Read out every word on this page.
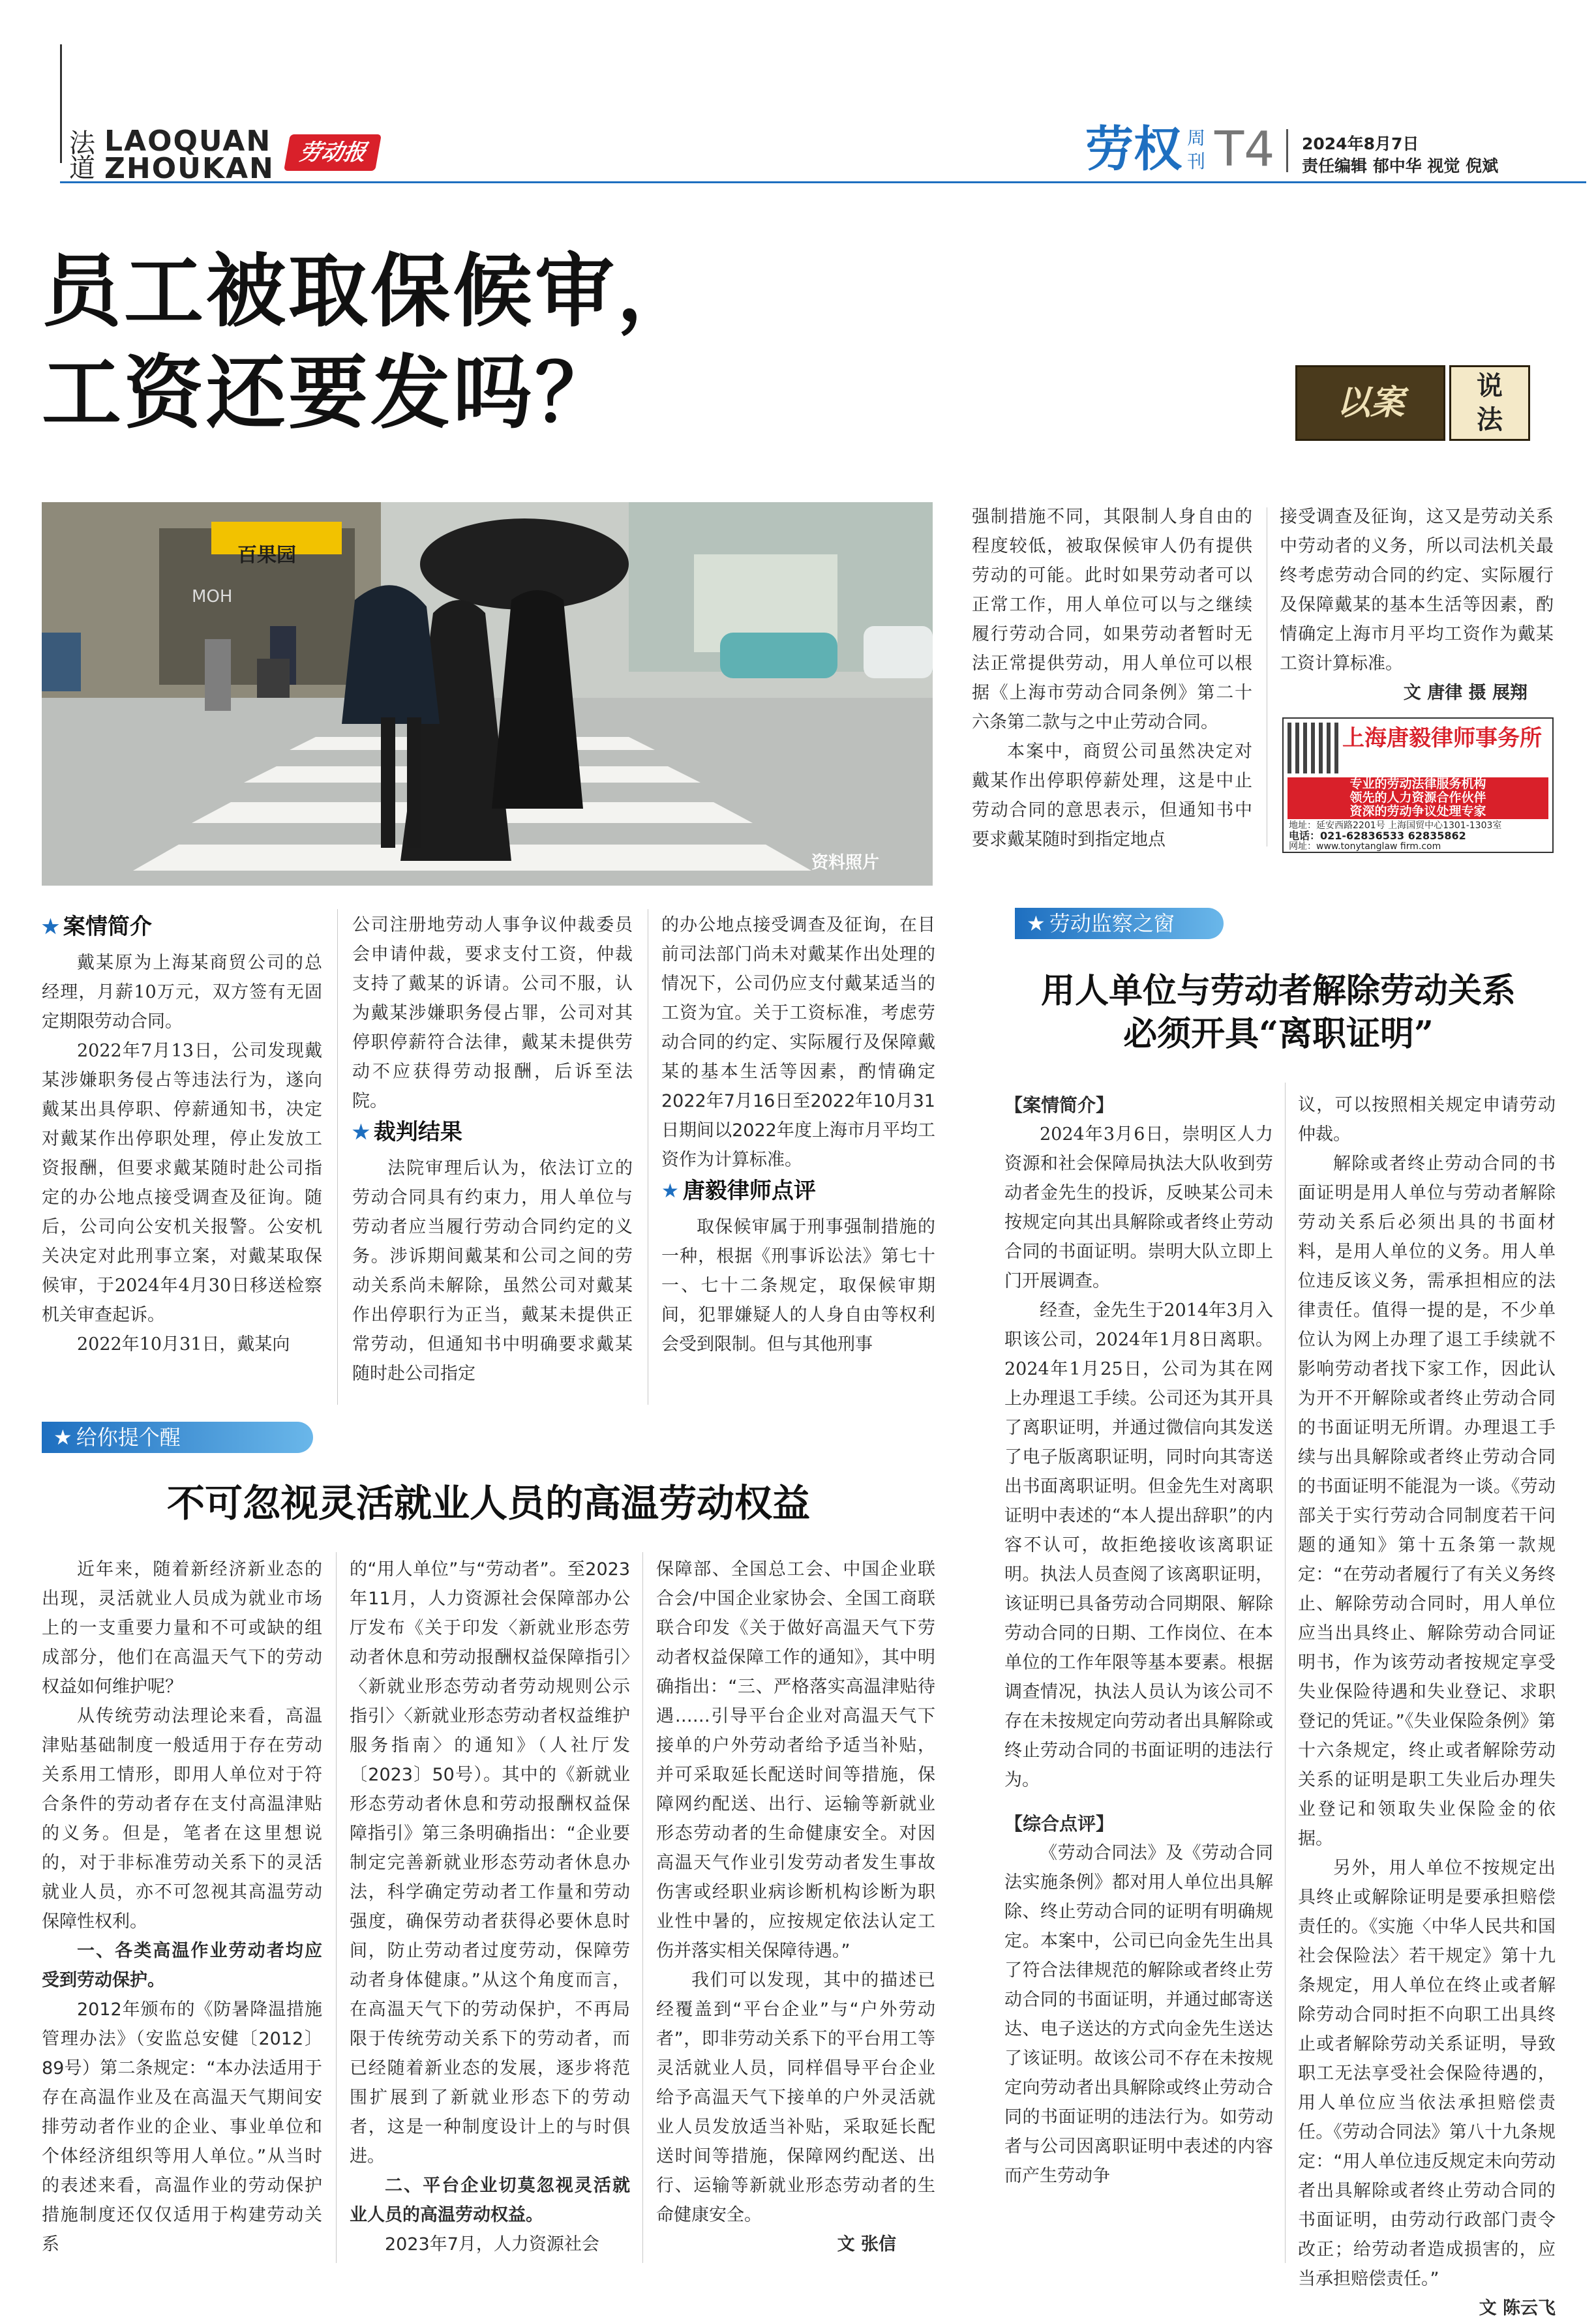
法
道
LAOQUAN
ZHOUKAN	劳动报	劳权 周
刊 T4 2024年8月7日
责任编辑 郁中华 视觉 倪斌
员工被取保候审，
工资还要发吗？	以案	说
法
百果园
MOH
资料照片
★ 案情简介

戴某原为上海某商贸公司的总经理，月薪10万元，双方签有无固定期限劳动合同。

2022年7月13日，公司发现戴某涉嫌职务侵占等违法行为，遂向戴某出具停职、停薪通知书，决定对戴某作出停职处理，停止发放工资报酬，但要求戴某随时赴公司指定的办公地点接受调查及征询。随后，公司向公安机关报警。公安机关决定对此刑事立案，对戴某取保候审，于2024年4月30日移送检察机关审查起诉。

2022年10月31日，戴某向

公司注册地劳动人事争议仲裁委员会申请仲裁，要求支付工资，仲裁支持了戴某的诉请。公司不服，认为戴某涉嫌职务侵占罪，公司对其停职停薪符合法律，戴某未提供劳动不应获得劳动报酬，后诉至法院。

★ 裁判结果

法院审理后认为，依法订立的劳动合同具有约束力，用人单位与劳动者应当履行劳动合同约定的义务。涉诉期间戴某和公司之间的劳动关系尚未解除，虽然公司对戴某作出停职行为正当，戴某未提供正常劳动，但通知书中明确要求戴某随时赴公司指定

的办公地点接受调查及征询，在目前司法部门尚未对戴某作出处理的情况下，公司仍应支付戴某适当的工资为宜。关于工资标准，考虑劳动合同的约定、实际履行及保障戴某的基本生活等因素，酌情确定2022年7月16日至2022年10月31日期间以2022年度上海市月平均工资作为计算标准。

★ 唐毅律师点评

取保候审属于刑事强制措施的一种，根据《刑事诉讼法》第七十一、七十二条规定，取保候审期间，犯罪嫌疑人的人身自由等权利会受到限制。但与其他刑事

强制措施不同，其限制人身自由的程度较低，被取保候审人仍有提供劳动的可能。此时如果劳动者可以正常工作，用人单位可以与之继续履行劳动合同，如果劳动者暂时无法正常提供劳动，用人单位可以根据《上海市劳动合同条例》第二十六条第二款与之中止劳动合同。

本案中，商贸公司虽然决定对戴某作出停职停薪处理，这是中止劳动合同的意思表示，但通知书中要求戴某随时到指定地点

接受调查及征询，这又是劳动关系中劳动者的义务，所以司法机关最终考虑劳动合同的约定、实际履行及保障戴某的基本生活等因素，酌情确定上海市月平均工资作为戴某工资计算标准。

文 唐律 摄 展翔
上海唐毅律师事务所
专业的劳动法律服务机构
领先的人力资源合作伙伴
资深的劳动争议处理专家
地址：延安西路2201号 上海国贸中心1301-1303室
电话：021-62836533 62835862
网址：www.tonytanglaw firm.com
★ 劳动监察之窗
用人单位与劳动者解除劳动关系
必须开具“离职证明”
【案情简介】

2024年3月6日，崇明区人力资源和社会保障局执法大队收到劳动者金先生的投诉，反映某公司未按规定向其出具解除或者终止劳动合同的书面证明。崇明大队立即上门开展调查。

经查，金先生于2014年3月入职该公司，2024年1月8日离职。2024年1月25日，公司为其在网上办理退工手续。公司还为其开具了离职证明，并通过微信向其发送了电子版离职证明，同时向其寄送出书面离职证明。但金先生对离职证明中表述的“本人提出辞职”的内容不认可，故拒绝接收该离职证明。执法人员查阅了该离职证明，该证明已具备劳动合同期限、解除劳动合同的日期、工作岗位、在本单位的工作年限等基本要素。根据调查情况，执法人员认为该公司不存在未按规定向劳动者出具解除或终止劳动合同的书面证明的违法行为。

【综合点评】

《劳动合同法》及《劳动合同法实施条例》都对用人单位出具解除、终止劳动合同的证明有明确规定。本案中，公司已向金先生出具了符合法律规范的解除或者终止劳动合同的书面证明，并通过邮寄送达、电子送达的方式向金先生送达了该证明。故该公司不存在未按规定向劳动者出具解除或终止劳动合同的书面证明的违法行为。如劳动者与公司因离职证明中表述的内容而产生劳动争

议，可以按照相关规定申请劳动仲裁。

解除或者终止劳动合同的书面证明是用人单位与劳动者解除劳动关系后必须出具的书面材料，是用人单位的义务。用人单位违反该义务，需承担相应的法律责任。值得一提的是，不少单位认为网上办理了退工手续就不影响劳动者找下家工作，因此认为开不开解除或者终止劳动合同的书面证明无所谓。办理退工手续与出具解除或者终止劳动合同的书面证明不能混为一谈。《劳动部关于实行劳动合同制度若干问题的通知》第十五条第一款规定：“在劳动者履行了有关义务终止、解除劳动合同时，用人单位应当出具终止、解除劳动合同证明书，作为该劳动者按规定享受失业保险待遇和失业登记、求职登记的凭证。”《失业保险条例》第十六条规定，终止或者解除劳动关系的证明是职工失业后办理失业登记和领取失业保险金的依据。

另外，用人单位不按规定出具终止或解除证明是要承担赔偿责任的。《实施〈中华人民共和国社会保险法〉若干规定》第十九条规定，用人单位在终止或者解除劳动合同时拒不向职工出具终止或者解除劳动关系证明，导致职工无法享受社会保险待遇的，用人单位应当依法承担赔偿责任。《劳动合同法》第八十九条规定：“用人单位违反规定未向劳动者出具解除或者终止劳动合同的书面证明，由劳动行政部门责令改正；给劳动者造成损害的，应当承担赔偿责任。”

文 陈云飞
★ 给你提个醒
不可忽视灵活就业人员的高温劳动权益

近年来，随着新经济新业态的出现，灵活就业人员成为就业市场上的一支重要力量和不可或缺的组成部分，他们在高温天气下的劳动权益如何维护呢？

从传统劳动法理论来看，高温津贴基础制度一般适用于存在劳动关系用工情形，即用人单位对于符合条件的劳动者存在支付高温津贴的义务。但是，笔者在这里想说的，对于非标准劳动关系下的灵活就业人员，亦不可忽视其高温劳动保障性权利。

一、各类高温作业劳动者均应受到劳动保护。

2012年颁布的《防暑降温措施管理办法》（安监总安健〔2012〕89号）第二条规定：“本办法适用于存在高温作业及在高温天气期间安排劳动者作业的企业、事业单位和个体经济组织等用人单位。”从当时的表述来看，高温作业的劳动保护措施制度还仅仅适用于构建劳动关系

的“用人单位”与“劳动者”。至2023年11月，人力资源社会保障部办公厅发布《关于印发〈新就业形态劳动者休息和劳动报酬权益保障指引〉〈新就业形态劳动者劳动规则公示指引〉〈新就业形态劳动者权益维护服务指南〉的通知》（人社厅发〔2023〕50号）。其中的《新就业形态劳动者休息和劳动报酬权益保障指引》第三条明确指出：“企业要制定完善新就业形态劳动者休息办法，科学确定劳动者工作量和劳动强度，确保劳动者获得必要休息时间，防止劳动者过度劳动，保障劳动者身体健康。”从这个角度而言，在高温天气下的劳动保护，不再局限于传统劳动关系下的劳动者，而已经随着新业态的发展，逐步将范围扩展到了新就业形态下的劳动者，这是一种制度设计上的与时俱进。

二、平台企业切莫忽视灵活就业人员的高温劳动权益。

2023年7月，人力资源社会

保障部、全国总工会、中国企业联合会/中国企业家协会、全国工商联联合印发《关于做好高温天气下劳动者权益保障工作的通知》，其中明确指出：“三、严格落实高温津贴待遇……引导平台企业对高温天气下接单的户外劳动者给予适当补贴，并可采取延长配送时间等措施，保障网约配送、出行、运输等新就业形态劳动者的生命健康安全。对因高温天气作业引发劳动者发生事故伤害或经职业病诊断机构诊断为职业性中暑的，应按规定依法认定工伤并落实相关保障待遇。”

我们可以发现，其中的描述已经覆盖到“平台企业”与“户外劳动者”，即非劳动关系下的平台用工等灵活就业人员，同样倡导平台企业给予高温天气下接单的户外灵活就业人员发放适当补贴，采取延长配送时间等措施，保障网约配送、出行、运输等新就业形态劳动者的生命健康安全。

文 张信
